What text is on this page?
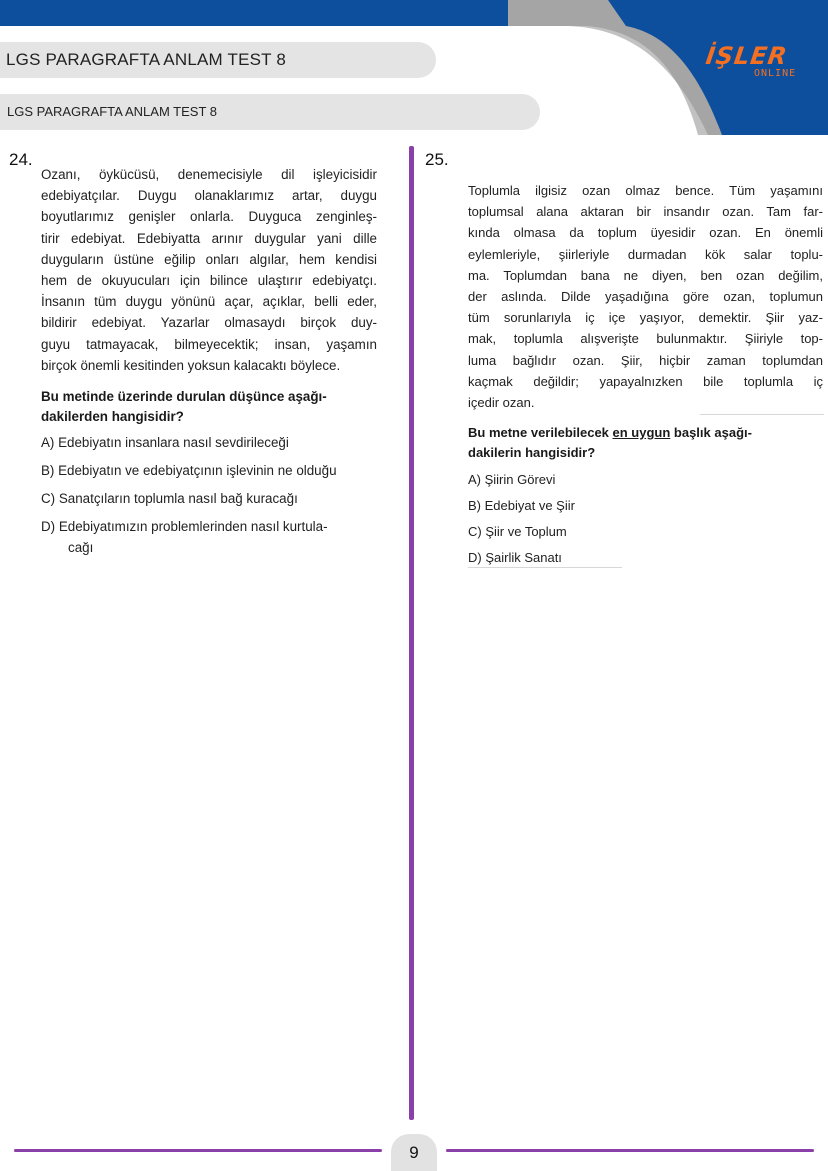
LGS PARAGRAFTA ANLAM TEST 8
LGS PARAGRAFTA ANLAM TEST 8
İŞLER
ONLINE
24.
Ozanı, öykücüsü, denemecisiyle dil işleyicisidir
edebiyatçılar. Duygu olanaklarımız artar, duygu
boyutlarımız genişler onlarla. Duyguca zenginleş-
tirir edebiyat. Edebiyatta arınır duygular yani dille
duyguların üstüne eğilip onları algılar, hem kendisi
hem de okuyucuları için bilince ulaştırır edebiyatçı.
İnsanın tüm duygu yönünü açar, açıklar, belli eder,
bildirir edebiyat. Yazarlar olmasaydı birçok duy-
guyu tatmayacak, bilmeyecektik; insan, yaşamın
birçok önemli kesitinden yoksun kalacaktı böylece.
Bu metinde üzerinde durulan düşünce aşağı-
dakilerden hangisidir?
A) Edebiyatın insanlara nasıl sevdirileceği
B) Edebiyatın ve edebiyatçının işlevinin ne olduğu
C) Sanatçıların toplumla nasıl bağ kuracağı
D) Edebiyatımızın problemlerinden nasıl kurtula-
cağı
25.
Toplumla ilgisiz ozan olmaz bence. Tüm yaşamını
toplumsal alana aktaran bir insandır ozan. Tam far-
kında olmasa da toplum üyesidir ozan. En önemli
eylemleriyle, şiirleriyle durmadan kök salar toplu-
ma. Toplumdan bana ne diyen, ben ozan değilim,
der aslında. Dilde yaşadığına göre ozan, toplumun
tüm sorunlarıyla iç içe yaşıyor, demektir. Şiir yaz-
mak, toplumla alışverişte bulunmaktır. Şiiriyle top-
luma bağlıdır ozan. Şiir, hiçbir zaman toplumdan
kaçmak değildir; yapayalnızken bile toplumla iç
içedir ozan.
Bu metne verilebilecek en uygun başlık aşağı-
dakilerin hangisidir?
A) Şiirin Görevi
B) Edebiyat ve Şiir
C) Şiir ve Toplum
D) Şairlik Sanatı
9
